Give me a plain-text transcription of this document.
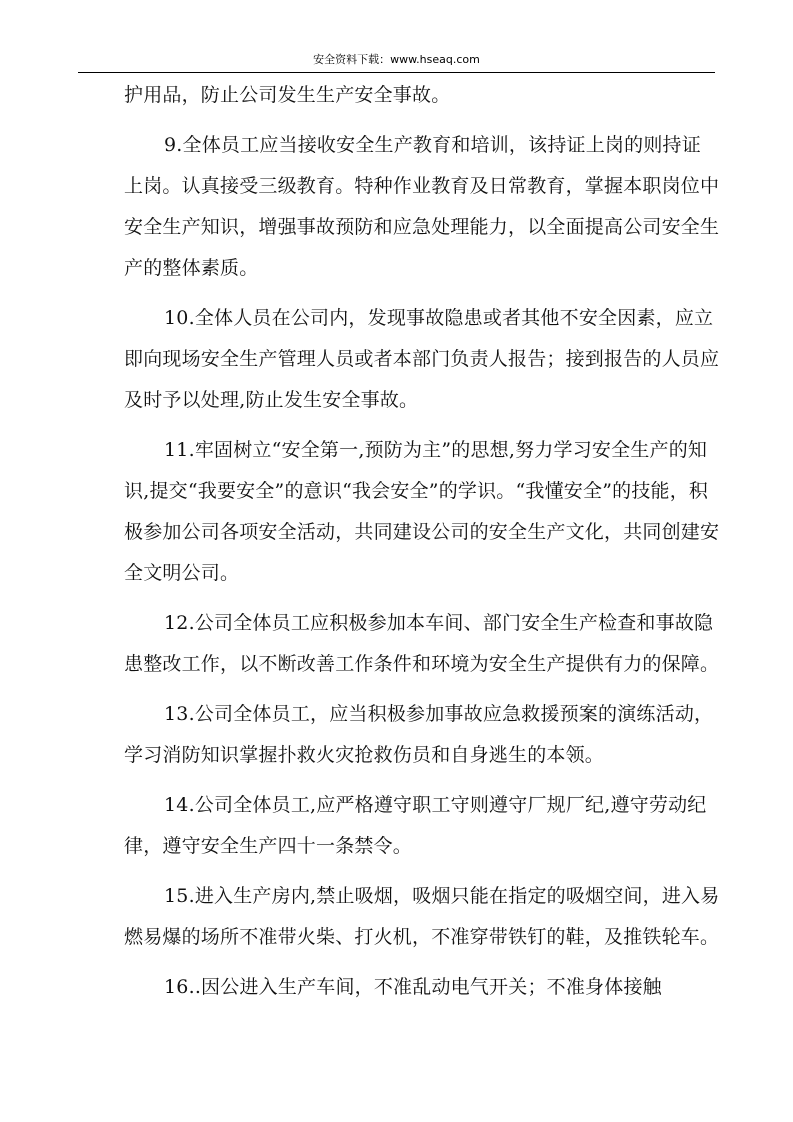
安全资料下载：www.hseaq.com

护用品，防止公司发生生产安全事故。

9.全体员工应当接收安全生产教育和培训，该持证上岗的则持证上岗。认真接受三级教育。特种作业教育及日常教育，掌握本职岗位中安全生产知识，增强事故预防和应急处理能力，以全面提高公司安全生产的整体素质。

10.全体人员在公司内，发现事故隐患或者其他不安全因素，应立即向现场安全生产管理人员或者本部门负责人报告；接到报告的人员应及时予以处理,防止发生安全事故。

11.牢固树立“安全第一,预防为主”的思想,努力学习安全生产的知识,提交“我要安全”的意识“我会安全”的学识。“我懂安全”的技能，积极参加公司各项安全活动，共同建设公司的安全生产文化，共同创建安全文明公司。

12.公司全体员工应积极参加本车间、部门安全生产检查和事故隐患整改工作，以不断改善工作条件和环境为安全生产提供有力的保障。

13.公司全体员工，应当积极参加事故应急救援预案的演练活动，学习消防知识掌握扑救火灾抢救伤员和自身逃生的本领。

14.公司全体员工,应严格遵守职工守则遵守厂规厂纪,遵守劳动纪律，遵守安全生产四十一条禁令。

15.进入生产房内,禁止吸烟，吸烟只能在指定的吸烟空间，进入易燃易爆的场所不准带火柴、打火机，不准穿带铁钉的鞋，及推铁轮车。

16..因公进入生产车间，不准乱动电气开关；不准身体接触
